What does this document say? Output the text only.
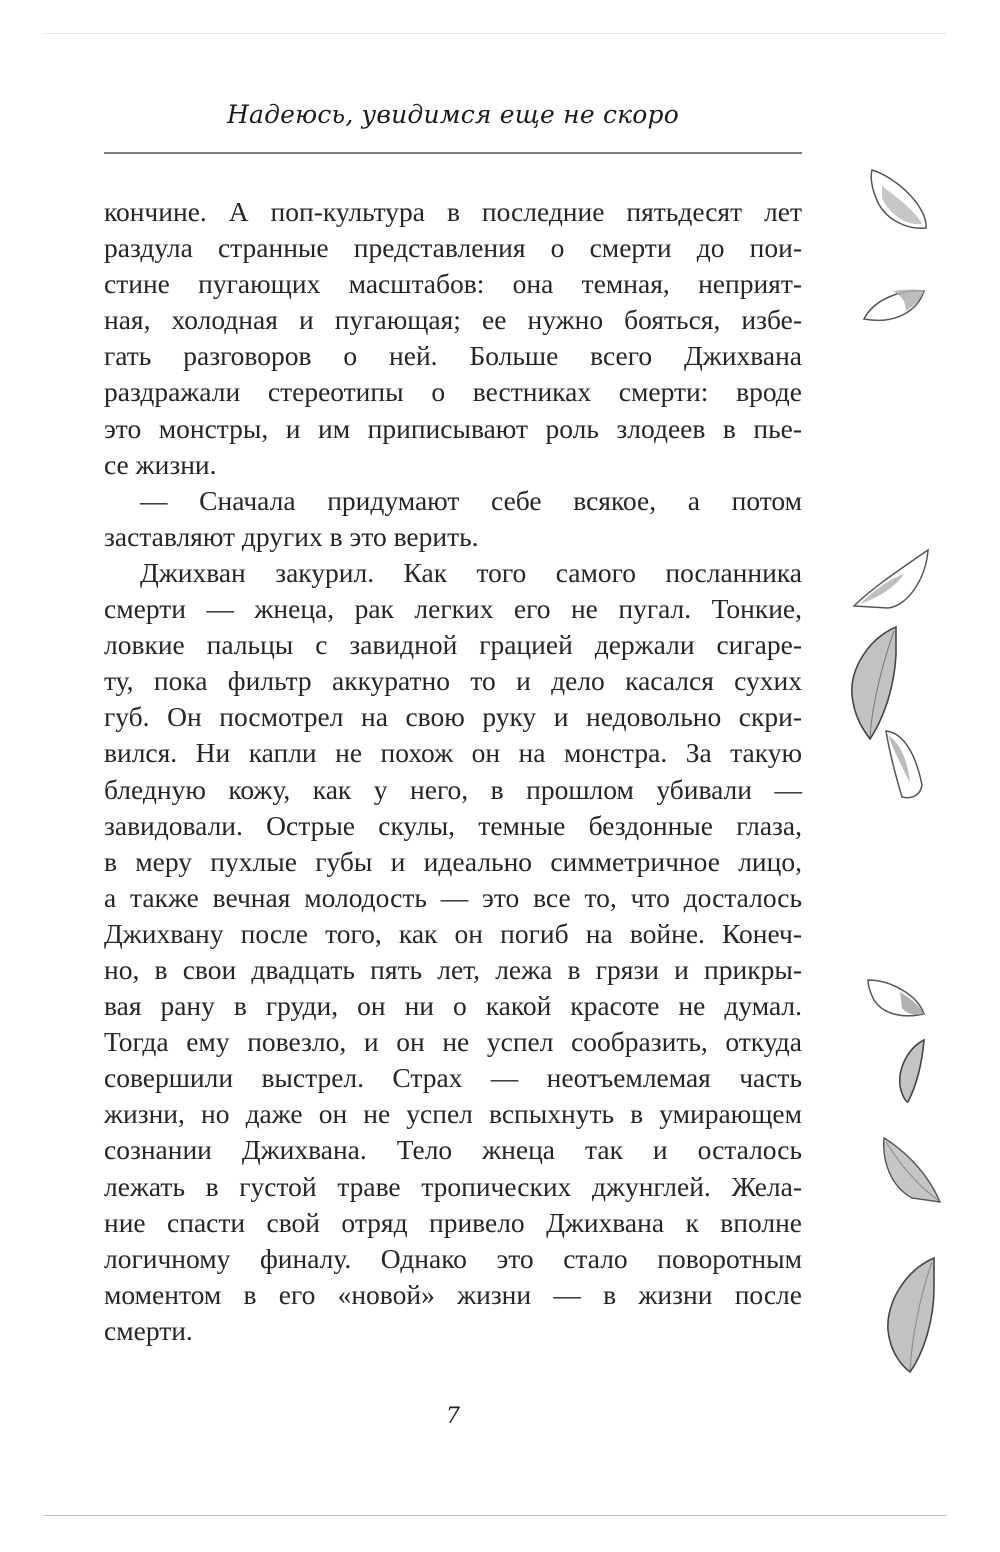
Надеюсь, увидимся еще не скоро
кончине. А поп-культура в последние пятьдесят лет
раздула странные представления о смерти до пои-
стине пугающих масштабов: она темная, неприят-
ная, холодная и пугающая; ее нужно бояться, избе-
гать разговоров о ней. Больше всего Джихвана
раздражали стереотипы о вестниках смерти: вроде
это монстры, и им приписывают роль злодеев в пье-
се жизни.
— Сначала придумают себе всякое, а потом
заставляют других в это верить.
Джихван закурил. Как того самого посланника
смерти — жнеца, рак легких его не пугал. Тонкие,
ловкие пальцы с завидной грацией держали сигаре-
ту, пока фильтр аккуратно то и дело касался сухих
губ. Он посмотрел на свою руку и недовольно скри-
вился. Ни капли не похож он на монстра. За такую
бледную кожу, как у него, в прошлом убивали —
завидовали. Острые скулы, темные бездонные глаза,
в меру пухлые губы и идеально симметричное лицо,
а также вечная молодость — это все то, что досталось
Джихвану после того, как он погиб на войне. Конеч-
но, в свои двадцать пять лет, лежа в грязи и прикры-
вая рану в груди, он ни о какой красоте не думал.
Тогда ему повезло, и он не успел сообразить, откуда
совершили выстрел. Страх — неотъемлемая часть
жизни, но даже он не успел вспыхнуть в умирающем
сознании Джихвана. Тело жнеца так и осталось
лежать в густой траве тропических джунглей. Жела-
ние спасти свой отряд привело Джихвана к вполне
логичному финалу. Однако это стало поворотным
моментом в его «новой» жизни — в жизни после
смерти.
7
